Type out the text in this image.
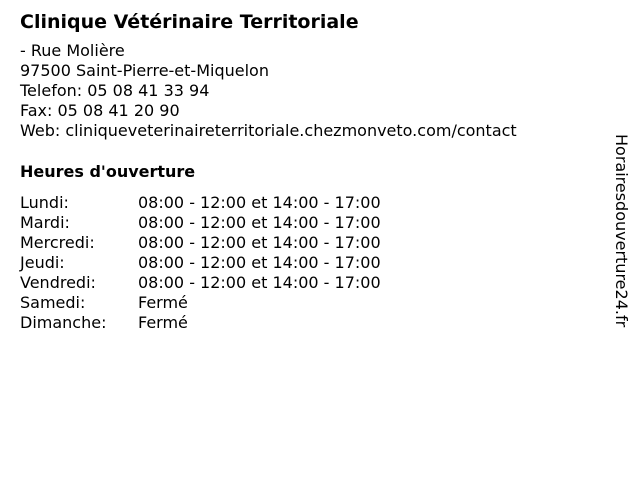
Clinique Vétérinaire Territoriale
- Rue Molière
97500 Saint-Pierre-et-Miquelon
Telefon: 05 08 41 33 94
Fax: 05 08 41 20 90
Web: cliniqueveterinaireterritoriale.chezmonveto.com/contact
Heures d'ouverture
Lundi:	08:00 - 12:00 et 14:00 - 17:00
Mardi:	08:00 - 12:00 et 14:00 - 17:00
Mercredi:	08:00 - 12:00 et 14:00 - 17:00
Jeudi:	08:00 - 12:00 et 14:00 - 17:00
Vendredi:	08:00 - 12:00 et 14:00 - 17:00
Samedi:	Fermé
Dimanche:	Fermé	Horairesdouverture24.fr
